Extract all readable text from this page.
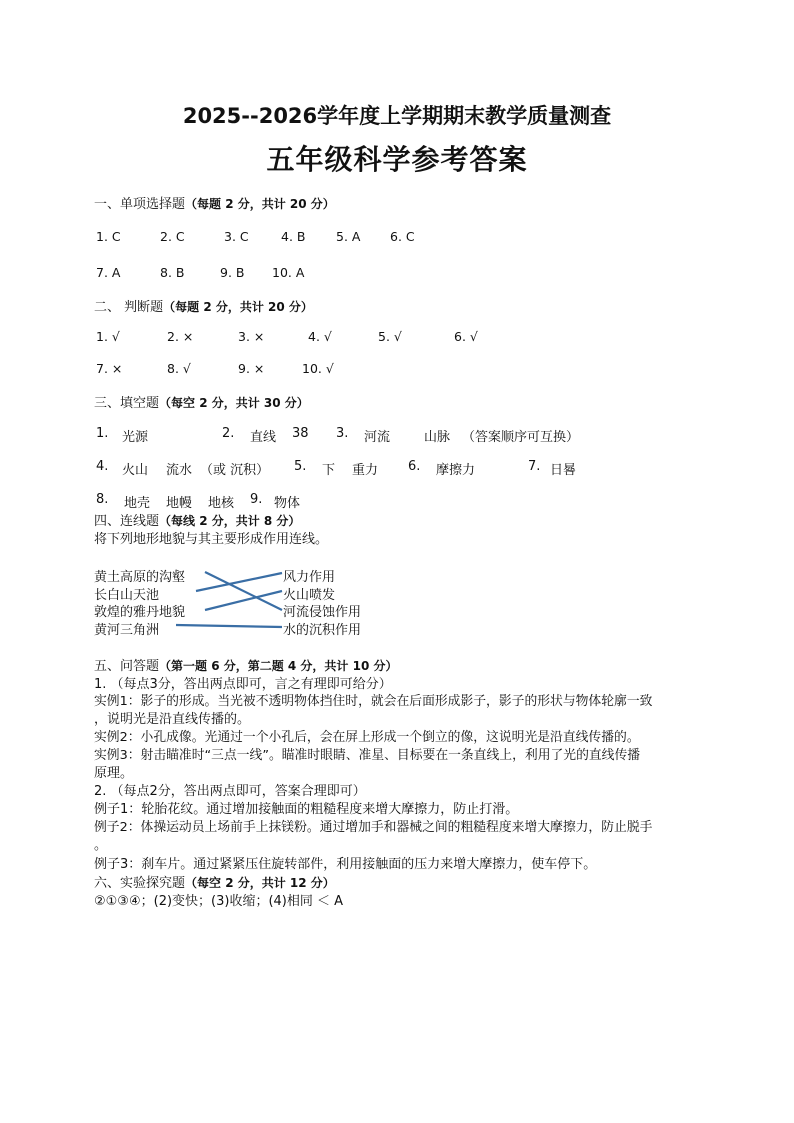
2025--2026学年度上学期期末教学质量测查
五年级科学参考答案
一、单项选择题（每题 2 分，共计 20 分）
1. C	2. C	3. C	4. B 5. A 6. C
7. A	8. B	9. B 10. A
二、 判断题（每题 2 分，共计 20 分）
1. √	2. ×	3. ×	4. √	5. √	6. √
7. ×	8. √	9. ×	10. √
三、填空题（每空 2 分，共计 30 分）
1. 光源	2. 直线 38 3. 河流	山脉 （答案顺序可互换）
4. 火山 流水 （或 沉积） 5. 下 重力 6. 摩擦力	7. 日晷
8. 地壳 地幔 地核 9. 物体
四、连线题（每线 2 分，共计 8 分）
将下列地形地貌与其主要形成作用连线。
黄土高原的沟壑
长白山天池
敦煌的雅丹地貌
黄河三角洲
风力作用
火山喷发
河流侵蚀作用
水的沉积作用
五、问答题（第一题 6 分，第二题 4 分，共计 10 分）
1. （每点3分，答出两点即可，言之有理即可给分）
实例1：影子的形成。当光被不透明物体挡住时，就会在后面形成影子，影子的形状与物体轮廓一致
，说明光是沿直线传播的。
实例2：小孔成像。光通过一个小孔后，会在屏上形成一个倒立的像，这说明光是沿直线传播的。
实例3：射击瞄准时“三点一线”。瞄准时眼睛、准星、目标要在一条直线上，利用了光的直线传播
原理。
2. （每点2分，答出两点即可，答案合理即可）
例子1：轮胎花纹。通过增加接触面的粗糙程度来增大摩擦力，防止打滑。
例子2：体操运动员上场前手上抹镁粉。通过增加手和器械之间的粗糙程度来增大摩擦力，防止脱手
。
例子3：刹车片。通过紧紧压住旋转部件，利用接触面的压力来增大摩擦力，使车停下。
六、实验探究题（每空 2 分，共计 12 分）
②①③④；(2)变快；(3)收缩；(4)相同 ＜ A
